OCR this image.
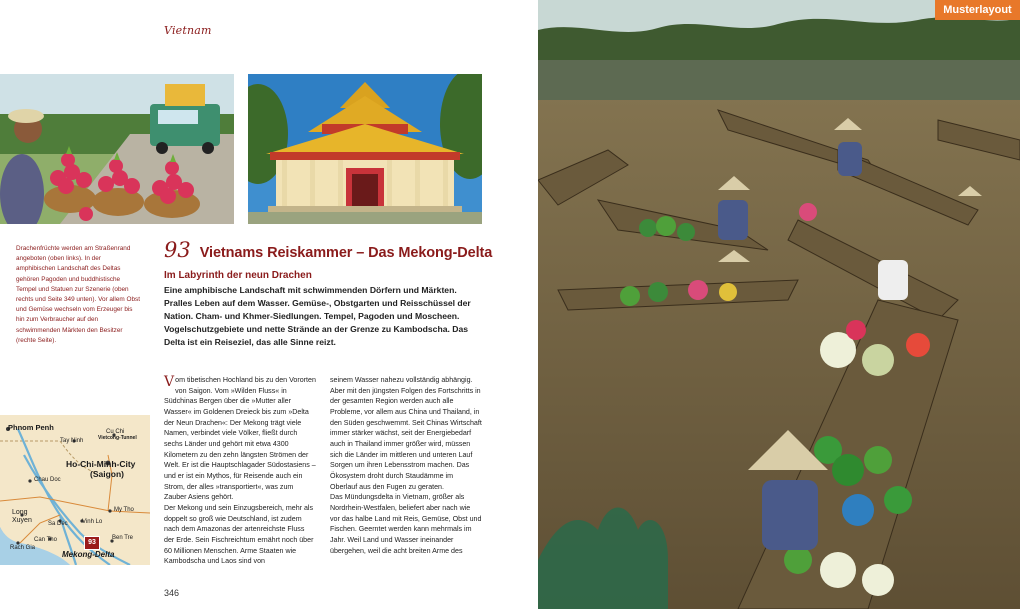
Vietnam

Drachenfrüchte werden am Straßenrand angeboten (oben links). In der amphibischen Landschaft des Deltas gehören Pagoden und buddhistische Tempel und Statuen zur Szenerie (oben rechts und Seite 349 unten). Vor allem Obst und Gemüse wechseln vom Erzeuger bis hin zum Verbraucher auf den schwimmenden Märkten den Besitzer (rechte Seite).

93 Vietnams Reiskammer – Das Mekong-Delta
Im Labyrinth der neun Drachen

Eine amphibische Landschaft mit schwimmenden Dörfern und Märkten. Pralles Leben auf dem Wasser. Gemüse-, Obstgarten und Reisschüssel der Nation. Cham- und Khmer-Siedlungen. Tempel, Pagoden und Moscheen. Vogelschutzgebiete und nette Strände an der Grenze zu Kambodscha. Das Delta ist ein Reiseziel, das alle Sinne reizt.

Vom tibetischen Hochland bis zu den Vororten von Saigon. Vom »Wilden Fluss« in Südchinas Bergen über die »Mutter aller Wasser« im Goldenen Dreieck bis zum »Delta der Neun Drachen«: Der Mekong trägt viele Namen, verbindet viele Völker, fließt durch sechs Länder und gehört mit etwa 4300 Kilometern zu den zehn längsten Strömen der Welt. Er ist die Hauptschlagader Südostasiens – und er ist ein Mythos, für Reisende auch ein Strom, der alles »transportiert«, was zum Zauber Asiens gehört.

Der Mekong und sein Einzugsbereich, mehr als doppelt so groß wie Deutschland, ist zudem nach dem Amazonas der artenreichste Fluss der Erde. Sein Fischreichtum ernährt noch über 60 Millionen Menschen. Arme Staaten wie Kambodscha und Laos sind von

seinem Wasser nahezu vollständig abhängig. Aber mit den jüngsten Folgen des Fortschritts in der gesamten Region werden auch alle Probleme, vor allem aus China und Thailand, in den Süden geschwemmt. Seit Chinas Wirtschaft immer stärker wächst, seit der Energiebedarf auch in Thailand immer größer wird, müssen sich die Länder im mittleren und unteren Lauf Sorgen um ihren Lebensstrom machen. Das Ökosystem droht durch Staudämme im Oberlauf aus den Fugen zu geraten.

Das Mündungsdelta in Vietnam, größer als Nordrhein-Westfalen, beliefert aber nach wie vor das halbe Land mit Reis, Gemüse, Obst und Fischen. Geerntet werden kann mehrmals im Jahr. Weil Land und Wasser ineinander übergehen, weil die acht breiten Arme des

Phnom Penh
Tay Ninh
Cu Chi
Vietcong-Tunnel
Ho-Chi-Minh-City
(Saigon)
Chau Doc
Long
Xuyen	Sa Dec Vinh Lo
My Tho
Can Tho	Ben Tre
Rach Gia
Mekong-Delta
93
346
Musterlayout
